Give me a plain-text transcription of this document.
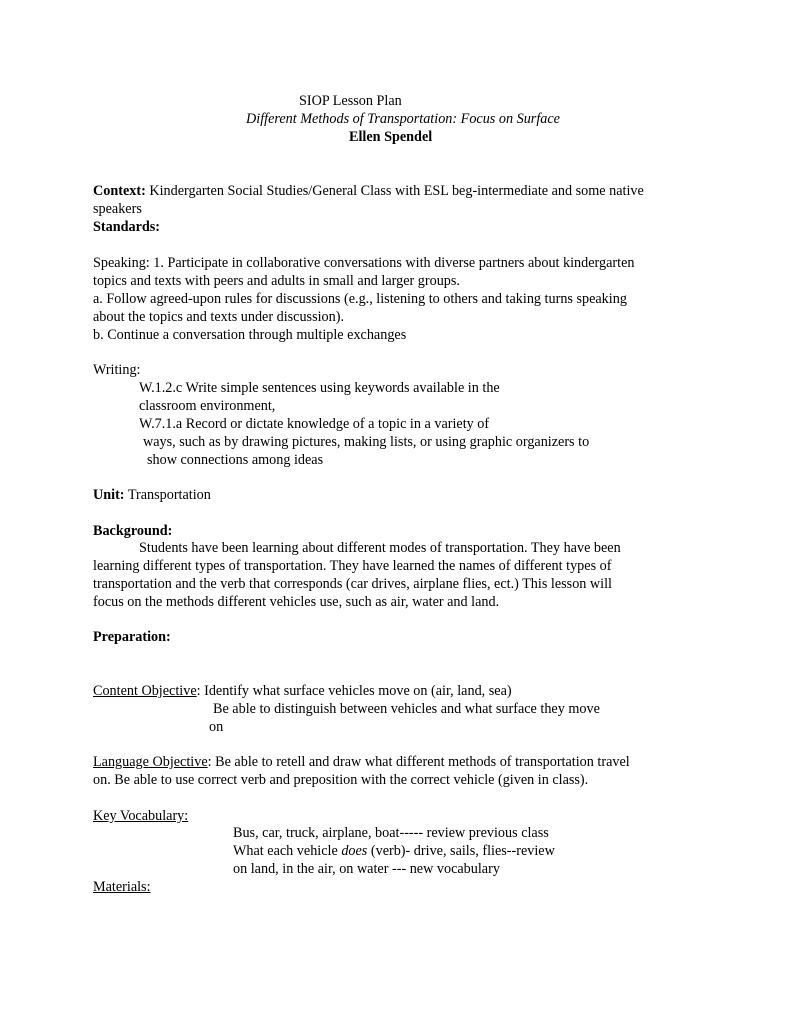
SIOP Lesson Plan
Different Methods of Transportation: Focus on Surface
Ellen Spendel
Context: Kindergarten Social Studies/General Class with ESL beg-intermediate and some native
speakers
Standards:
Speaking: 1. Participate in collaborative conversations with diverse partners about kindergarten
topics and texts with peers and adults in small and larger groups.
a. Follow agreed-upon rules for discussions (e.g., listening to others and taking turns speaking
about the topics and texts under discussion).
b. Continue a conversation through multiple exchanges
Writing:
W.1.2.c Write simple sentences using keywords available in the
classroom environment,
W.7.1.a Record or dictate knowledge of a topic in a variety of
ways, such as by drawing pictures, making lists, or using graphic organizers to
show connections among ideas
Unit: Transportation
Background:
Students have been learning about different modes of transportation. They have been
learning different types of transportation. They have learned the names of different types of
transportation and the verb that corresponds (car drives, airplane flies, ect.) This lesson will
focus on the methods different vehicles use, such as air, water and land.
Preparation:
Content Objective: Identify what surface vehicles move on (air, land, sea)
Be able to distinguish between vehicles and what surface they move
on
Language Objective: Be able to retell and draw what different methods of transportation travel
on. Be able to use correct verb and preposition with the correct vehicle (given in class).
Key Vocabulary:
Bus, car, truck, airplane, boat----- review previous class
What each vehicle does (verb)- drive, sails, flies--review
on land, in the air, on water --- new vocabulary
Materials:
